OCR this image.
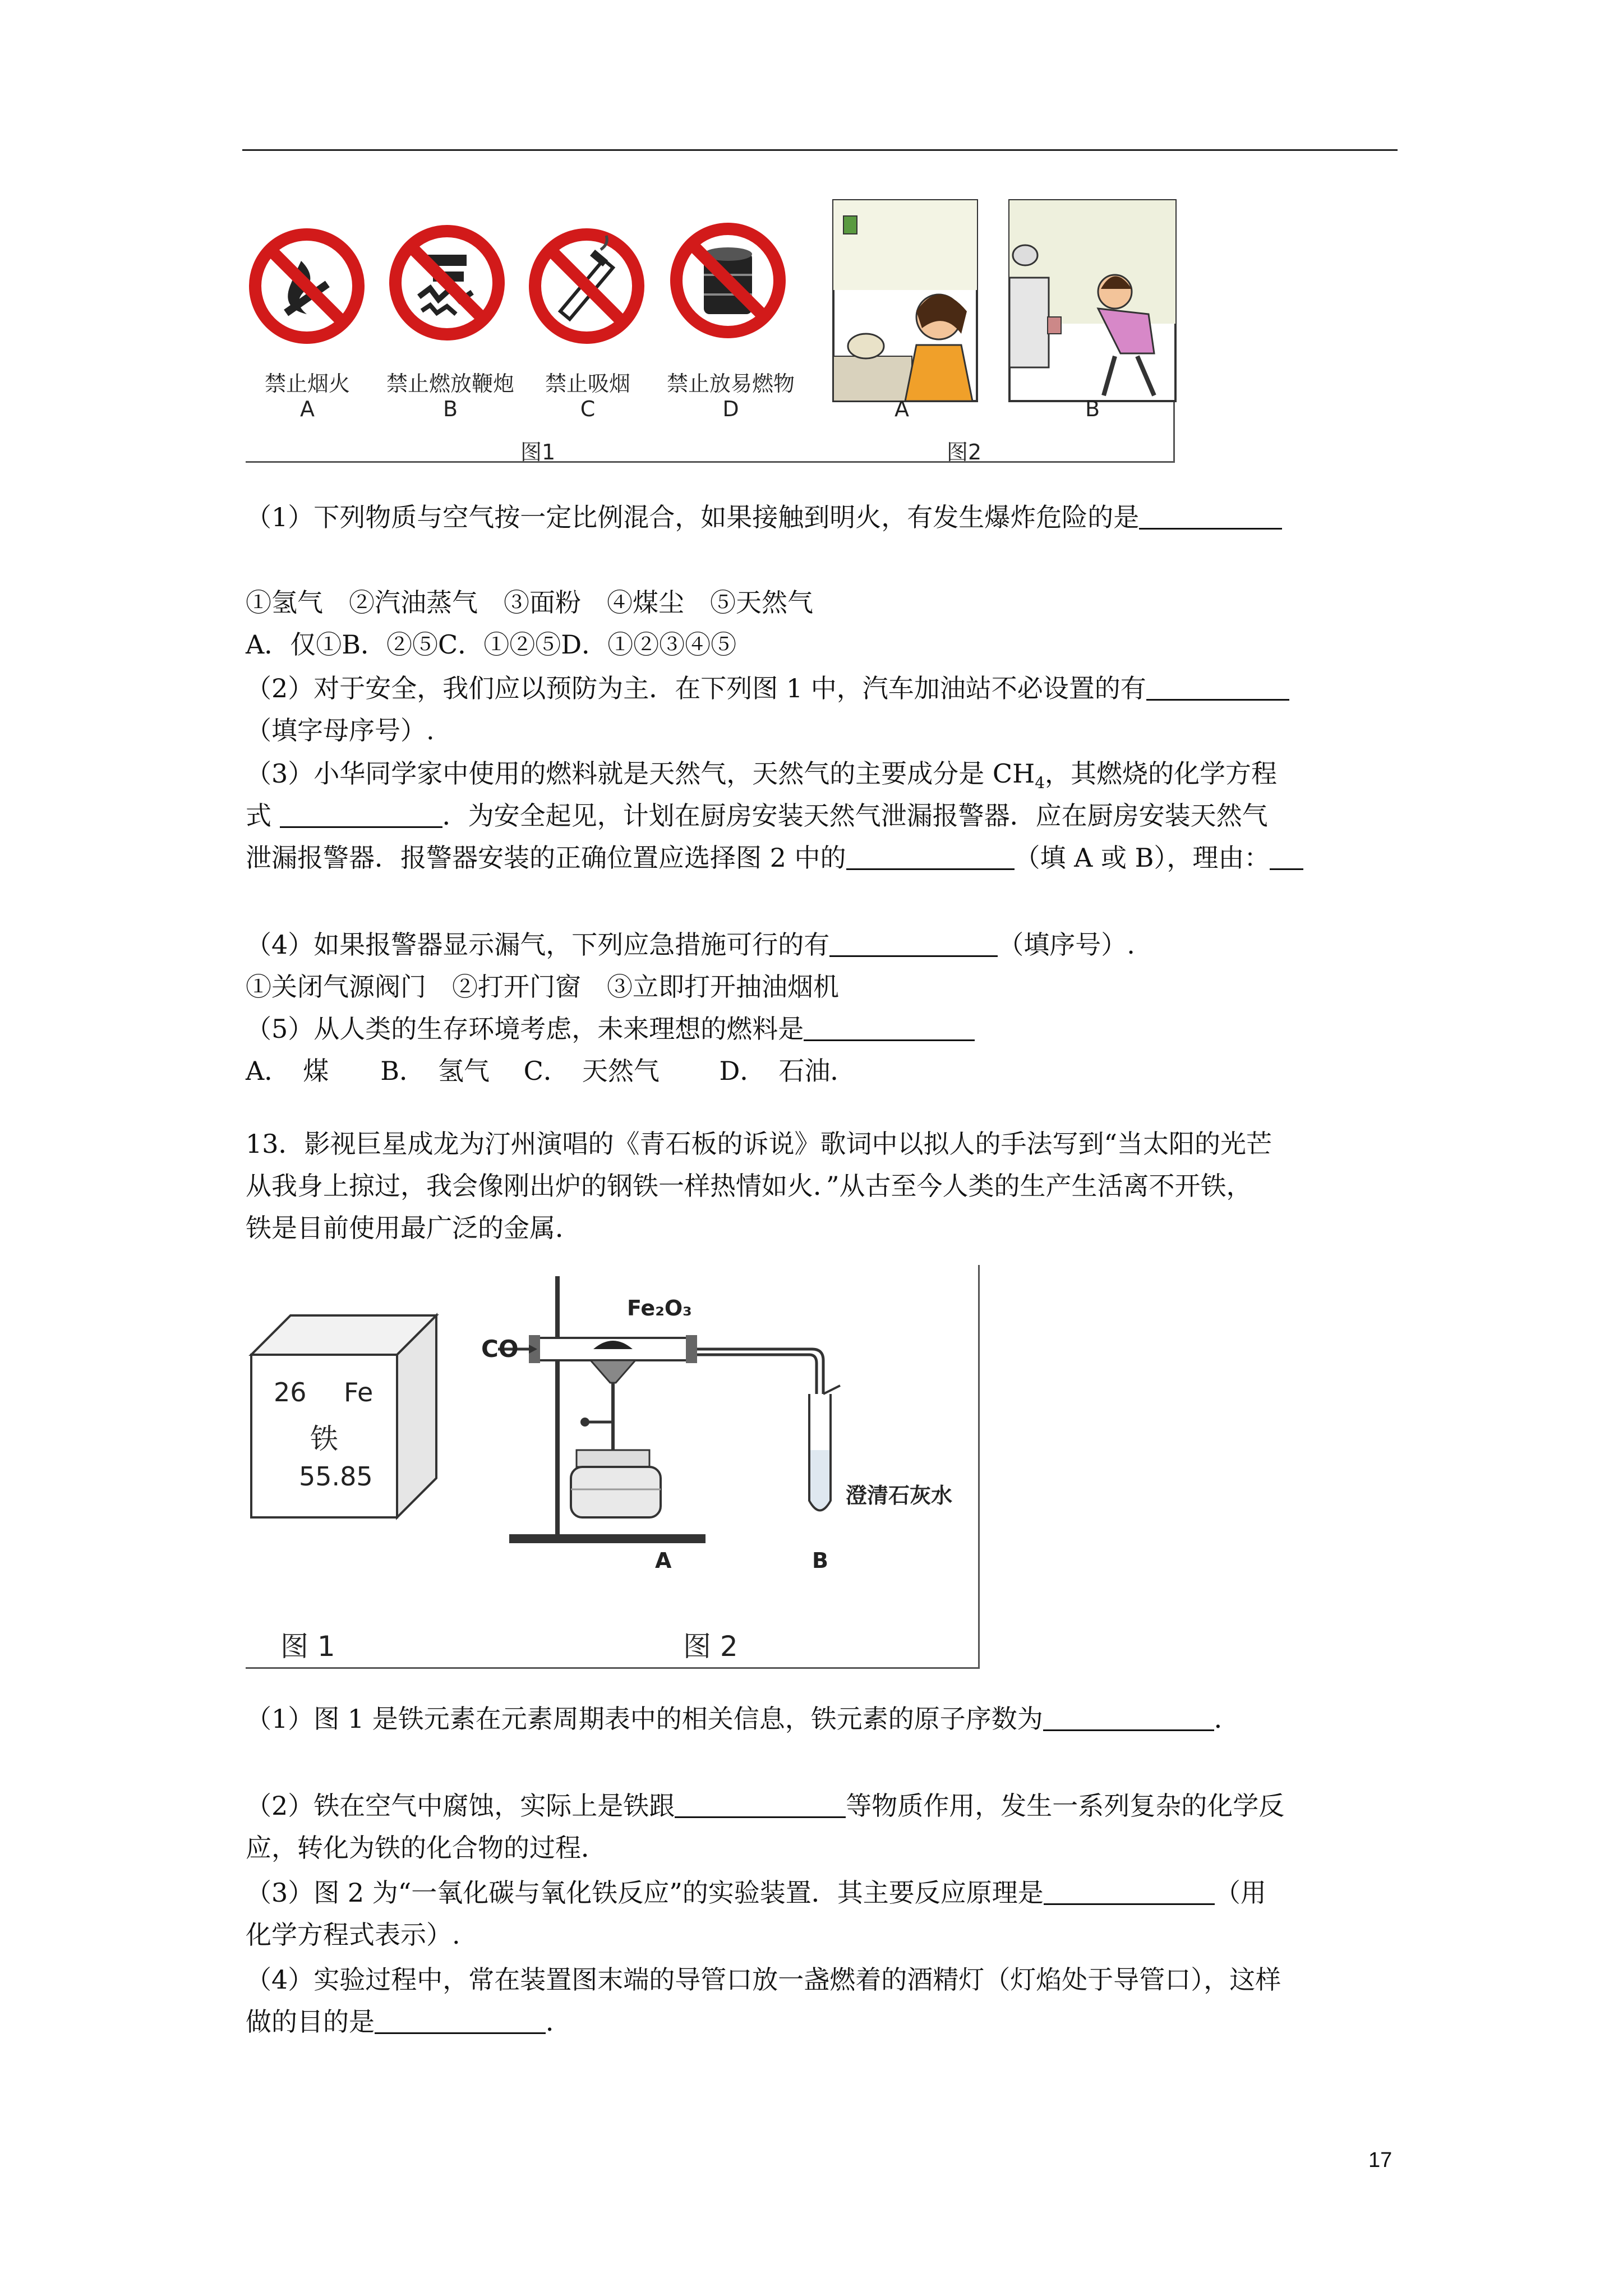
禁止烟火
A
禁止燃放鞭炮
B
禁止吸烟
C
禁止放易燃物
D
图1
A	B
图2
（1）下列物质与空气按一定比例混合，如果接触到明火，有发生爆炸危险的是
①氢气　②汽油蒸气　③面粉　④煤尘　⑤天然气
A．仅①B．②⑤C．①②⑤D．①②③④⑤
（2）对于安全，我们应以预防为主．在下列图 1 中，汽车加油站不必设置的有
（填字母序号）.
（3）小华同学家中使用的燃料就是天然气，天然气的主要成分是 $CH_4$，其燃烧的化学方程
式	．为安全起见，计划在厨房安装天然气泄漏报警器．应在厨房安装天然气
泄漏报警器．报警器安装的正确位置应选择图 2 中的	（填 A 或 B），理由：
（4）如果报警器显示漏气，下列应急措施可行的有	（填序号）.
①关闭气源阀门　②打开门窗　③立即打开抽油烟机
（5）从人类的生存环境考虑，未来理想的燃料是
A．　煤　　B．　氢气　 C．　天然气　　 D．　石油．
13．影视巨星成龙为汀州演唱的《青石板的诉说》歌词中以拟人的手法写到“当太阳的光芒
从我身上掠过，我会像刚出炉的钢铁一样热情如火．”从古至今人类的生产生活离不开铁，
铁是目前使用最广泛的金属．
26 Fe
铁
55.85
CO
Fe₂O₃
澄清石灰水
A	B
图 1	图 2
（1）图 1 是铁元素在元素周期表中的相关信息，铁元素的原子序数为	．
（2）铁在空气中腐蚀，实际上是铁跟	等物质作用，发生一系列复杂的化学反
应，转化为铁的化合物的过程．
（3）图 2 为“一氧化碳与氧化铁反应”的实验装置．其主要反应原理是	（用
化学方程式表示）.
（4）实验过程中，常在装置图末端的导管口放一盏燃着的酒精灯（灯焰处于导管口），这样
做的目的是	．
17
